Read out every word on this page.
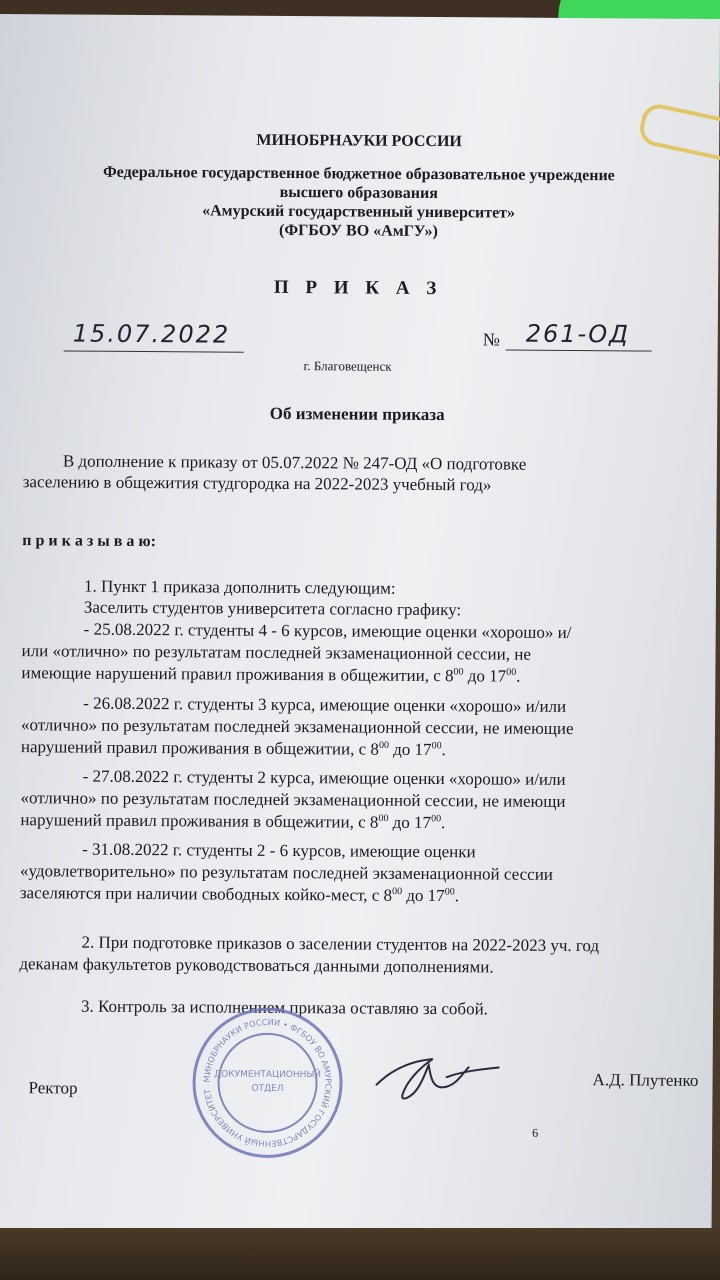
МИНОБРНАУКИ РОССИИ
Федеральное государственное бюджетное образовательное учреждение
высшего образования
«Амурский государственный университет»
(ФГБОУ ВО «АмГУ»)
П Р И К А З
15.07.2022	№ 261-ОД
г. Благовещенск
Об изменении приказа
В дополнение к приказу от 05.07.2022 № 247-ОД «О подготовке
заселению в общежития студгородка на 2022-2023 учебный год»
п р и к а з ы в а ю:
1. Пункт 1 приказа дополнить следующим:
Заселить студентов университета согласно графику:
- 25.08.2022 г. студенты 4 - 6 курсов, имеющие оценки «хорошо» и/
или «отлично» по результатам последней экзаменационной сессии, не
имеющие нарушений правил проживания в общежитии, с $8^{00}$ до $17^{00}$.
- 26.08.2022 г. студенты 3 курса, имеющие оценки «хорошо» и/или
«отлично» по результатам последней экзаменационной сессии, не имеющие
нарушений правил проживания в общежитии, с $8^{00}$ до $17^{00}$.
- 27.08.2022 г. студенты 2 курса, имеющие оценки «хорошо» и/или
«отлично» по результатам последней экзаменационной сессии, не имеющи
нарушений правил проживания в общежитии, с $8^{00}$ до $17^{00}$.
- 31.08.2022 г. студенты 2 - 6 курсов, имеющие оценки
«удовлетворительно» по результатам последней экзаменационной сессии
заселяются при наличии свободных койко-мест, с $8^{00}$ до $17^{00}$.
2. При подготовке приказов о заселении студентов на 2022-2023 уч. год
деканам факультетов руководствоваться данными дополнениями.
3. Контроль за исполнением приказа оставляю за собой.
Ректор	А.Д. Плутенко
МИНОБРНАУКИ РОССИИ • ФГБОУ ВО АМУРСКИЙ ГОСУДАРСТВЕННЫЙ УНИВЕРСИТЕТ
ДОКУМЕНТАЦИОННЫЙ
ОТДЕЛ
6
